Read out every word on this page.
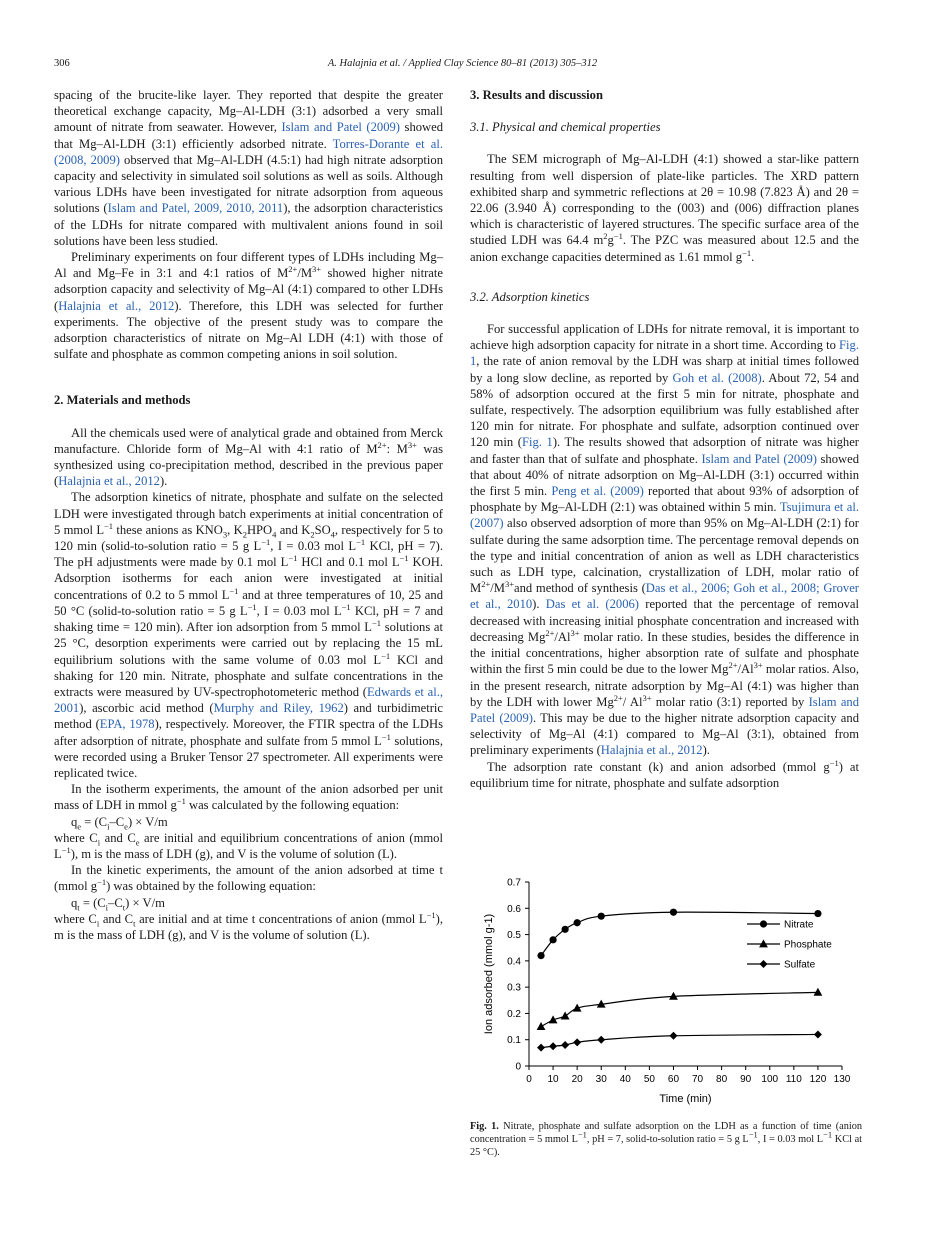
306	A. Halajnia et al. / Applied Clay Science 80–81 (2013) 305–312

spacing of the brucite-like layer. They reported that despite the greater theoretical exchange capacity, Mg–Al-LDH (3:1) adsorbed a very small amount of nitrate from seawater. However, Islam and Patel (2009) showed that Mg–Al-LDH (3:1) efficiently adsorbed nitrate. Torres-Dorante et al. (2008, 2009) observed that Mg–Al-LDH (4.5:1) had high nitrate adsorption capacity and selectivity in simulated soil solutions as well as soils. Although various LDHs have been investigated for nitrate adsorption from aqueous solutions (Islam and Patel, 2009, 2010, 2011), the adsorption characteristics of the LDHs for nitrate compared with multivalent anions found in soil solutions have been less studied.

Preliminary experiments on four different types of LDHs including Mg–Al and Mg–Fe in 3:1 and 4:1 ratios of $M^{2+}/M^{3+}$ showed higher nitrate adsorption capacity and selectivity of Mg–Al (4:1) compared to other LDHs (Halajnia et al., 2012). Therefore, this LDH was selected for further experiments. The objective of the present study was to compare the adsorption characteristics of nitrate on Mg–Al LDH (4:1) with those of sulfate and phosphate as common competing anions in soil solution.

2. Materials and methods

All the chemicals used were of analytical grade and obtained from Merck manufacture. Chloride form of Mg–Al with 4:1 ratio of $M^{2+}$: $M^{3+}$ was synthesized using co-precipitation method, described in the previous paper (Halajnia et al., 2012).

The adsorption kinetics of nitrate, phosphate and sulfate on the selected LDH were investigated through batch experiments at initial concentration of 5 mmol $L^{-1}$ these anions as $KNO_3$, $K_2HPO_4$ and $K_2SO_4$, respectively for 5 to 120 min (solid-to-solution ratio = 5 g $L^{-1}$, I = 0.03 mol $L^{-1}$ KCl, pH = 7). The pH adjustments were made by 0.1 mol $L^{-1}$ HCl and 0.1 mol $L^{-1}$ KOH. Adsorption isotherms for each anion were investigated at initial concentrations of 0.2 to 5 mmol $L^{-1}$ and at three temperatures of 10, 25 and 50 °C (solid-to-solution ratio = 5 g $L^{-1}$, I = 0.03 mol $L^{-1}$ KCl, pH = 7 and shaking time = 120 min). After ion adsorption from 5 mmol $L^{-1}$ solutions at 25 °C, desorption experiments were carried out by replacing the 15 mL equilibrium solutions with the same volume of 0.03 mol $L^{-1}$ KCl and shaking for 120 min. Nitrate, phosphate and sulfate concentrations in the extracts were measured by UV-spectrophotometeric method (Edwards et al., 2001), ascorbic acid method (Murphy and Riley, 1962) and turbidimetric method (EPA, 1978), respectively. Moreover, the FTIR spectra of the LDHs after adsorption of nitrate, phosphate and sulfate from 5 mmol $L^{-1}$ solutions, were recorded using a Bruker Tensor 27 spectrometer. All experiments were replicated twice.

In the isotherm experiments, the amount of the anion adsorbed per unit mass of LDH in mmol $g^{-1}$ was calculated by the following equation:

$q_e = (C_i-C_e) \times V/m$

where $C_i$ and $C_e$ are initial and equilibrium concentrations of anion (mmol $L^{-1}$), m is the mass of LDH (g), and V is the volume of solution (L).

In the kinetic experiments, the amount of the anion adsorbed at time t (mmol $g^{-1}$) was obtained by the following equation:

$q_t = (C_i-C_t) \times V/m$

where $C_i$ and $C_t$ are initial and at time t concentrations of anion (mmol $L^{-1}$), m is the mass of LDH (g), and V is the volume of solution (L).

3. Results and discussion
3.1. Physical and chemical properties

The SEM micrograph of Mg–Al-LDH (4:1) showed a star-like pattern resulting from well dispersion of plate-like particles. The XRD pattern exhibited sharp and symmetric reflections at 2θ = 10.98 (7.823 Å) and 2θ = 22.06 (3.940 Å) corresponding to the (003) and (006) diffraction planes which is characteristic of layered structures. The specific surface area of the studied LDH was 64.4 $m^2g^{-1}$. The PZC was measured about 12.5 and the anion exchange capacities determined as 1.61 mmol $g^{-1}$.

3.2. Adsorption kinetics

For successful application of LDHs for nitrate removal, it is important to achieve high adsorption capacity for nitrate in a short time. According to Fig. 1, the rate of anion removal by the LDH was sharp at initial times followed by a long slow decline, as reported by Goh et al. (2008). About 72, 54 and 58% of adsorption occured at the first 5 min for nitrate, phosphate and sulfate, respectively. The adsorption equilibrium was fully established after 120 min for nitrate. For phosphate and sulfate, adsorption continued over 120 min (Fig. 1). The results showed that adsorption of nitrate was higher and faster than that of sulfate and phosphate. Islam and Patel (2009) showed that about 40% of nitrate adsorption on Mg–Al-LDH (3:1) occurred within the first 5 min. Peng et al. (2009) reported that about 93% of adsorption of phosphate by Mg–Al-LDH (2:1) was obtained within 5 min. Tsujimura et al. (2007) also observed adsorption of more than 95% on Mg–Al-LDH (2:1) for sulfate during the same adsorption time. The percentage removal depends on the type and initial concentration of anion as well as LDH characteristics such as LDH type, calcination, crystallization of LDH, molar ratio of $M^{2+}/M^{3+}and$ method of synthesis (Das et al., 2006; Goh et al., 2008; Grover et al., 2010). Das et al. (2006) reported that the percentage of removal decreased with increasing initial phosphate concentration and increased with decreasing $Mg^{2+}/Al^{3+}$ molar ratio. In these studies, besides the difference in the initial concentrations, higher absorption rate of sulfate and phosphate within the first 5 min could be due to the lower $Mg^{2+}/Al^{3+}$ molar ratios. Also, in the present research, nitrate adsorption by Mg–Al (4:1) was higher than by the LDH with lower $Mg^{2+}/$ $Al^{3+}$ molar ratio (3:1) reported by Islam and Patel (2009). This may be due to the higher nitrate adsorption capacity and selectivity of Mg–Al (4:1) compared to Mg–Al (3:1), obtained from preliminary experiments (Halajnia et al., 2012).

The adsorption rate constant (k) and anion adsorbed (mmol $g^{-1}$) at equilibrium time for nitrate, phosphate and sulfate adsorption

0
0.1
0.2
0.3
0.4
0.5
0.6
0.7
0 10 20 30 40 50 60 70 80 90 100 110 120 130
Time (min)
Ion adsorbed (mmol g-1)	Nitrate
Phosphate
Sulfate
Fig. 1. Nitrate, phosphate and sulfate adsorption on the LDH as a function of time (anion concentration = 5 mmol $L^{-1}$, pH = 7, solid-to-solution ratio = 5 g $L^{-1}$, I = 0.03 mol $L^{-1}$ KCl at 25 °C).
